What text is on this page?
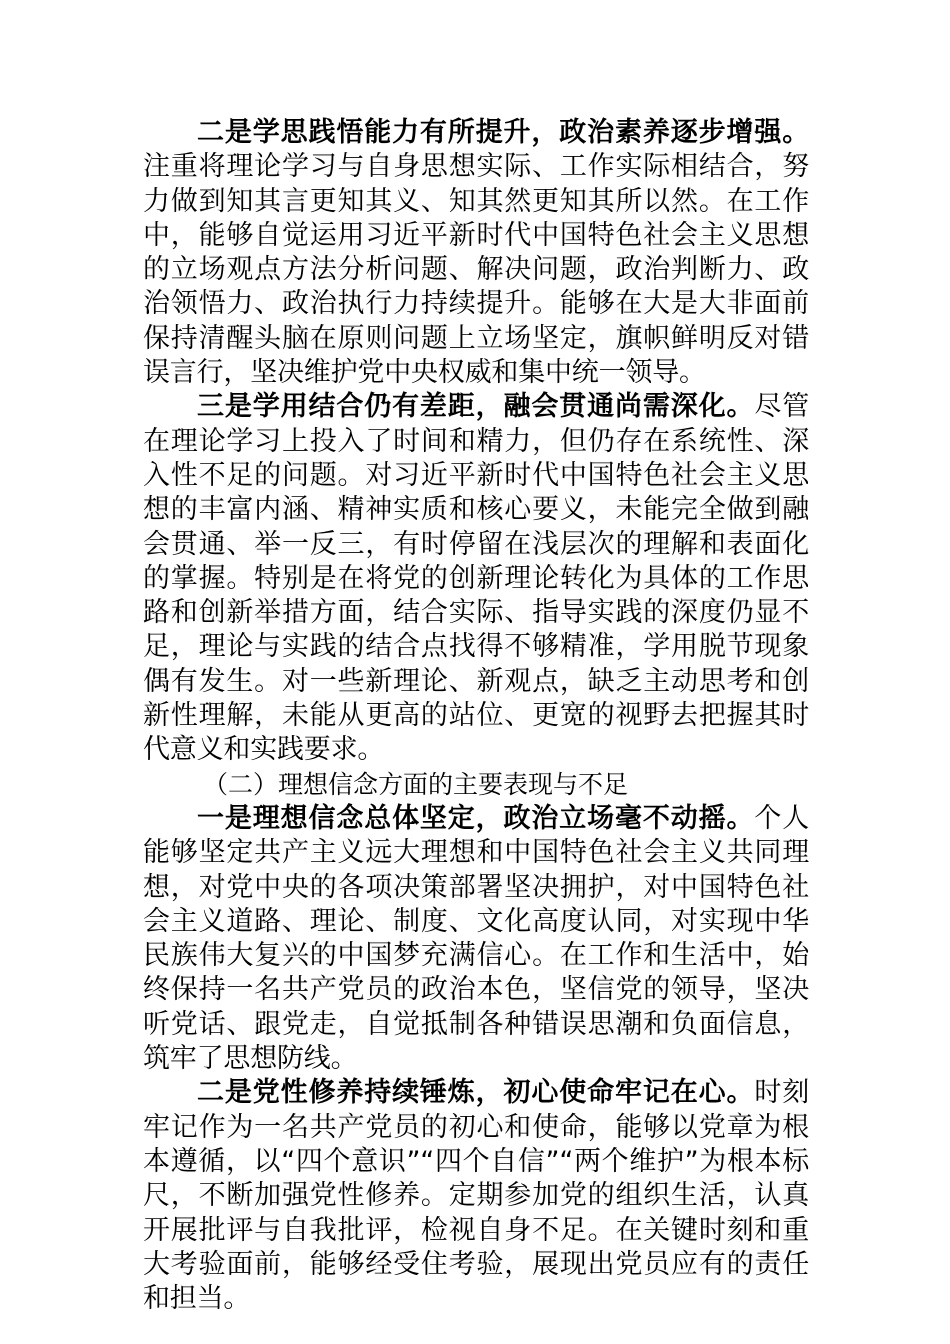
二是学思践悟能力有所提升，政治素养逐步增强。注重将理论学习与自身思想实际、工作实际相结合，努力做到知其言更知其义、知其然更知其所以然。在工作中，能够自觉运用习近平新时代中国特色社会主义思想的立场观点方法分析问题、解决问题，政治判断力、政治领悟力、政治执行力持续提升。能够在大是大非面前保持清醒头脑在原则问题上立场坚定，旗帜鲜明反对错误言行，坚决维护党中央权威和集中统一领导。

三是学用结合仍有差距，融会贯通尚需深化。尽管在理论学习上投入了时间和精力，但仍存在系统性、深入性不足的问题。对习近平新时代中国特色社会主义思想的丰富内涵、精神实质和核心要义，未能完全做到融会贯通、举一反三，有时停留在浅层次的理解和表面化的掌握。特别是在将党的创新理论转化为具体的工作思路和创新举措方面，结合实际、指导实践的深度仍显不足，理论与实践的结合点找得不够精准，学用脱节现象偶有发生。对一些新理论、新观点，缺乏主动思考和创新性理解，未能从更高的站位、更宽的视野去把握其时代意义和实践要求。

（二）理想信念方面的主要表现与不足

一是理想信念总体坚定，政治立场毫不动摇。个人能够坚定共产主义远大理想和中国特色社会主义共同理想，对党中央的各项决策部署坚决拥护，对中国特色社会主义道路、理论、制度、文化高度认同，对实现中华民族伟大复兴的中国梦充满信心。在工作和生活中，始终保持一名共产党员的政治本色，坚信党的领导，坚决听党话、跟党走，自觉抵制各种错误思潮和负面信息，筑牢了思想防线。

二是党性修养持续锤炼，初心使命牢记在心。时刻牢记作为一名共产党员的初心和使命，能够以党章为根本遵循，以“四个意识”“四个自信”“两个维护”为根本标尺，不断加强党性修养。定期参加党的组织生活，认真开展批评与自我批评，检视自身不足。在关键时刻和重大考验面前，能够经受住考验，展现出党员应有的责任和担当。
